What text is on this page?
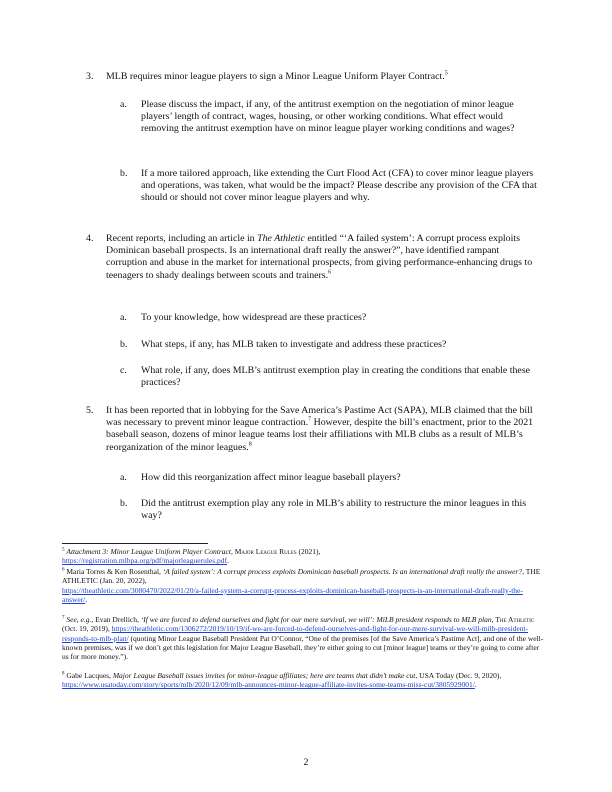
3. MLB requires minor league players to sign a Minor League Uniform Player Contract.$^5$

a. Please discuss the impact, if any, of the antitrust exemption on the negotiation of minor league players’ length of contract, wages, housing, or other working conditions. What effect would removing the antitrust exemption have on minor league player working conditions and wages?

b. If a more tailored approach, like extending the Curt Flood Act (CFA) to cover minor league players and operations, was taken, what would be the impact? Please describe any provision of the CFA that should or should not cover minor league players and why.

4. Recent reports, including an article in The Athletic entitled “‘A failed system’: A corrupt process exploits Dominican baseball prospects. Is an international draft really the answer?”, have identified rampant corruption and abuse in the market for international prospects, from giving performance-enhancing drugs to teenagers to shady dealings between scouts and trainers.$^6$

a. To your knowledge, how widespread are these practices?

b. What steps, if any, has MLB taken to investigate and address these practices?

c. What role, if any, does MLB’s antitrust exemption play in creating the conditions that enable these practices?

5. It has been reported that in lobbying for the Save America’s Pastime Act (SAPA), MLB claimed that the bill was necessary to prevent minor league contraction.$^7$ However, despite the bill’s enactment, prior to the 2021 baseball season, dozens of minor league teams lost their affiliations with MLB clubs as a result of MLB’s reorganization of the minor leagues.$^8$

a. How did this reorganization affect minor league baseball players?

b. Did the antitrust exemption play any role in MLB’s ability to restructure the minor leagues in this way?

$^5$ Attachment 3: Minor League Uniform Player Contract, Major League Rules (2021),
https://registration.mlbpa.org/pdf/majorleaguerules.pdf.

$^6$ Maria Torres & Ken Rosenthal, ‘A failed system’: A corrupt process exploits Dominican baseball prospects. Is an international draft really the answer?, THE ATHLETIC (Jan. 20, 2022),
https://theathletic.com/3080470/2022/01/20/a-failed-system-a-corrupt-process-exploits-dominican-baseball-prospects-is-an-international-draft-really-the-answer/.

$^7$ See, e.g., Evan Drellich, ‘If we are forced to defend ourselves and fight for our mere survival, we will’: MiLB president responds to MLB plan, The Athletic (Oct. 19, 2019), https://theathletic.com/1306272/2019/10/19/if-we-are-forced-to-defend-ourselves-and-fight-for-our-mere-survival-we-will-milb-president-responds-to-mlb-plan/ (quoting Minor League Baseball President Pat O’Connor, “One of the premises [of the Save America’s Pastime Act], and one of the well-known premises, was if we don’t get this legislation for Major League Baseball, they’re either going to cut [minor league] teams or they’re going to come after us for more money.”).

$^8$ Gabe Lacques, Major League Baseball issues invites for minor-league affiliates; here are teams that didn’t make cut, USA Today (Dec. 9, 2020), https://www.usatoday.com/story/sports/mlb/2020/12/09/mlb-announces-minor-league-affiliate-invites-some-teams-miss-cut/3805929001/.

2
